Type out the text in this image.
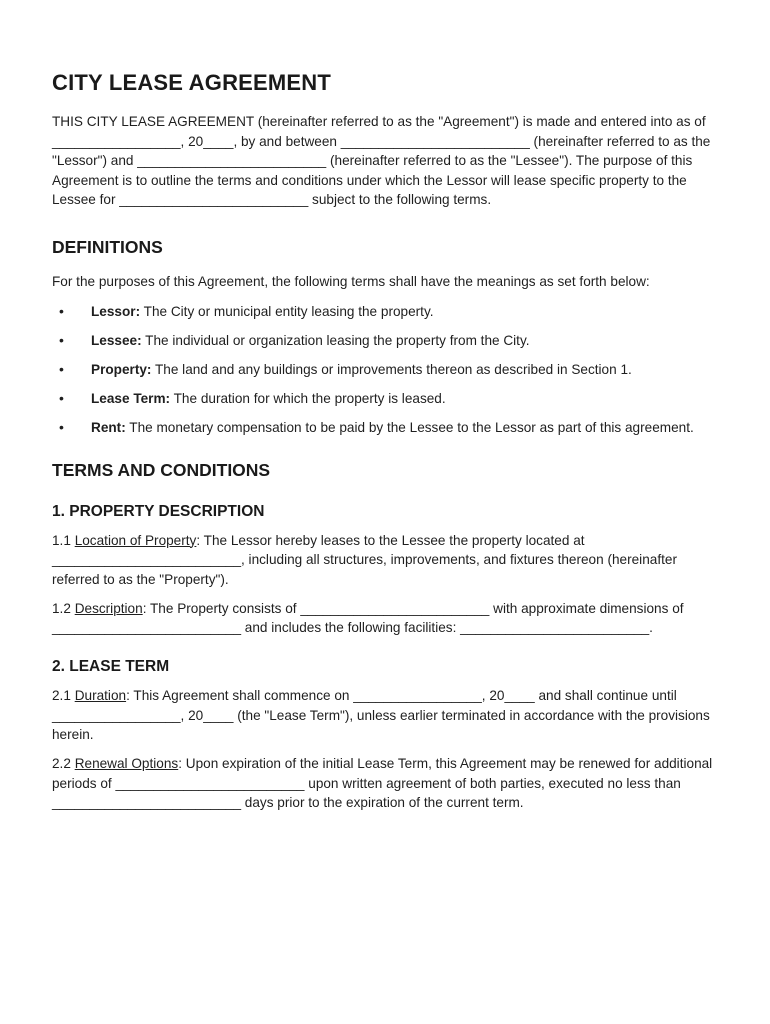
CITY LEASE AGREEMENT

THIS CITY LEASE AGREEMENT (hereinafter referred to as the "Agreement") is made and entered into as of _________________, 20____, by and between _________________________ (hereinafter referred to as the "Lessor") and _________________________ (hereinafter referred to as the "Lessee"). The purpose of this Agreement is to outline the terms and conditions under which the Lessor will lease specific property to the Lessee for _________________________ subject to the following terms.

DEFINITIONS

For the purposes of this Agreement, the following terms shall have the meanings as set forth below:

• Lessor: The City or municipal entity leasing the property.
• Lessee: The individual or organization leasing the property from the City.
• Property: The land and any buildings or improvements thereon as described in Section 1.
• Lease Term: The duration for which the property is leased.
• Rent: The monetary compensation to be paid by the Lessee to the Lessor as part of this agreement.
TERMS AND CONDITIONS
1. PROPERTY DESCRIPTION

1.1 Location of Property: The Lessor hereby leases to the Lessee the property located at _________________________, including all structures, improvements, and fixtures thereon (hereinafter referred to as the "Property").

1.2 Description: The Property consists of _________________________ with approximate dimensions of _________________________ and includes the following facilities: _________________________.

2. LEASE TERM

2.1 Duration: This Agreement shall commence on _________________, 20____ and shall continue until _________________, 20____ (the "Lease Term"), unless earlier terminated in accordance with the provisions herein.

2.2 Renewal Options: Upon expiration of the initial Lease Term, this Agreement may be renewed for additional periods of _________________________ upon written agreement of both parties, executed no less than _________________________ days prior to the expiration of the current term.
